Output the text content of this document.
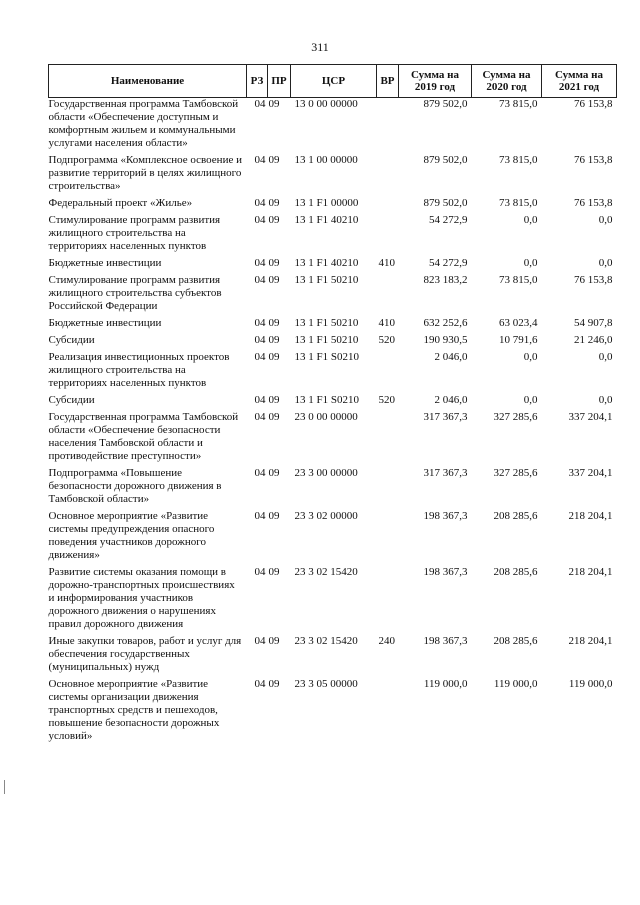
311
Наименование	РЗ	ПР	ЦСР	ВР	Сумма на 2019 год	Сумма на 2020 год	Сумма на 2021 год
Государственная программа Тамбовской области «Обеспечение доступным и комфортным жильем и коммунальными услугами населения области»	04	09	13 0 00 00000		879 502,0	73 815,0	76 153,8
Подпрограмма «Комплексное освоение и развитие территорий в целях жилищного строительства»	04	09	13 1 00 00000		879 502,0	73 815,0	76 153,8
Федеральный проект «Жилье»	04	09	13 1 F1 00000		879 502,0	73 815,0	76 153,8
Стимулирование программ развития жилищного строительства на территориях населенных пунктов	04	09	13 1 F1 40210		54 272,9	0,0	0,0
Бюджетные инвестиции	04	09	13 1 F1 40210	410	54 272,9	0,0	0,0
Стимулирование программ развития жилищного строительства субъектов Российской Федерации	04	09	13 1 F1 50210		823 183,2	73 815,0	76 153,8
Бюджетные инвестиции	04	09	13 1 F1 50210	410	632 252,6	63 023,4	54 907,8
Субсидии	04	09	13 1 F1 50210	520	190 930,5	10 791,6	21 246,0
Реализация инвестиционных проектов жилищного строительства на территориях населенных пунктов	04	09	13 1 F1 S0210		2 046,0	0,0	0,0
Субсидии	04	09	13 1 F1 S0210	520	2 046,0	0,0	0,0
Государственная программа Тамбовской области «Обеспечение безопасности населения Тамбовской области и противодействие преступности»	04	09	23 0 00 00000		317 367,3	327 285,6	337 204,1
Подпрограмма «Повышение безопасности дорожного движения в Тамбовской области»	04	09	23 3 00 00000		317 367,3	327 285,6	337 204,1
Основное мероприятие «Развитие системы предупреждения опасного поведения участников дорожного движения»	04	09	23 3 02 00000		198 367,3	208 285,6	218 204,1
Развитие системы оказания помощи в дорожно-транспортных происшествиях и информирования участников дорожного движения о нарушениях правил дорожного движения	04	09	23 3 02 15420		198 367,3	208 285,6	218 204,1
Иные закупки товаров, работ и услуг для обеспечения государственных (муниципальных) нужд	04	09	23 3 02 15420	240	198 367,3	208 285,6	218 204,1
Основное мероприятие «Развитие системы организации движения транспортных средств и пешеходов, повышение безопасности дорожных условий»	04	09	23 3 05 00000		119 000,0	119 000,0	119 000,0
